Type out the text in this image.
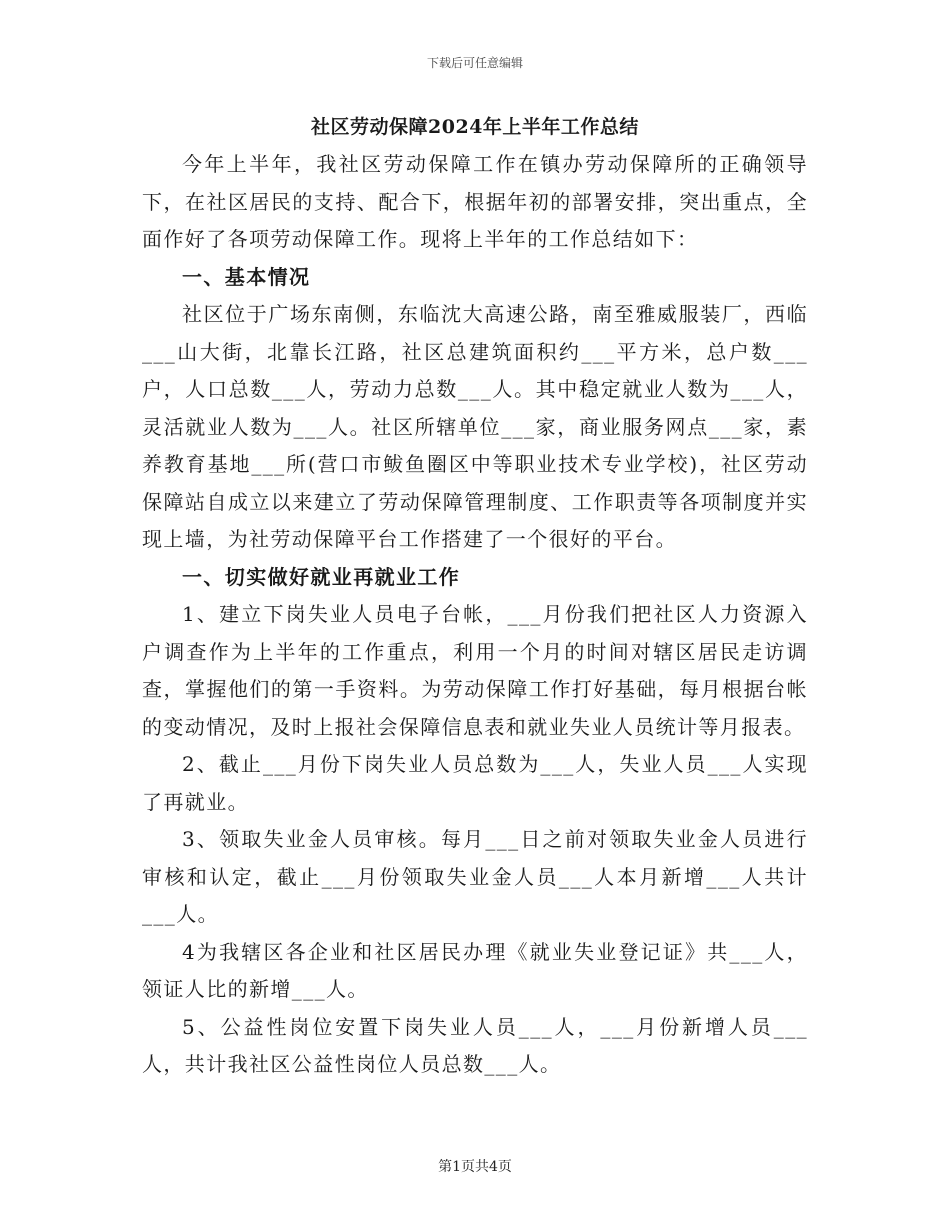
下载后可任意编辑
社区劳动保障2024年上半年工作总结

今年上半年，我社区劳动保障工作在镇办劳动保障所的正确领导下，在社区居民的支持、配合下，根据年初的部署安排，突出重点，全面作好了各项劳动保障工作。现将上半年的工作总结如下：

一、基本情况

社区位于广场东南侧，东临沈大高速公路，南至雅威服装厂，西临___山大街，北靠长江路，社区总建筑面积约___平方米，总户数___户，人口总数___人，劳动力总数___人。其中稳定就业人数为___人，灵活就业人数为___人。社区所辖单位___家，商业服务网点___家，素养教育基地___所(营口市鲅鱼圈区中等职业技术专业学校)，社区劳动保障站自成立以来建立了劳动保障管理制度、工作职责等各项制度并实现上墙，为社劳动保障平台工作搭建了一个很好的平台。

一、切实做好就业再就业工作

1、建立下岗失业人员电子台帐，___月份我们把社区人力资源入户调查作为上半年的工作重点，利用一个月的时间对辖区居民走访调查，掌握他们的第一手资料。为劳动保障工作打好基础，每月根据台帐的变动情况，及时上报社会保障信息表和就业失业人员统计等月报表。

2、截止___月份下岗失业人员总数为___人，失业人员___人实现了再就业。

3、领取失业金人员审核。每月___日之前对领取失业金人员进行审核和认定，截止___月份领取失业金人员___人本月新增___人共计___人。

4为我辖区各企业和社区居民办理《就业失业登记证》共___人，领证人比的新增___人。

5、公益性岗位安置下岗失业人员___人，___月份新增人员___人，共计我社区公益性岗位人员总数___人。

第1页共4页
